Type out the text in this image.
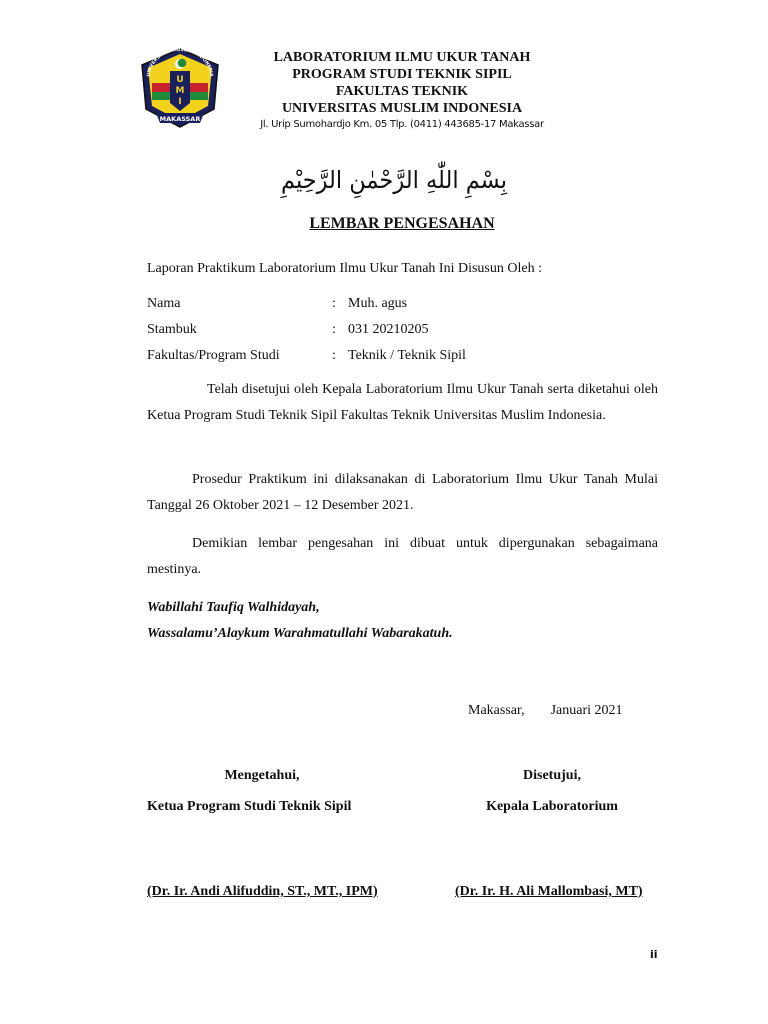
U
M
I
UNIVERSITAS MUSLIM INDONESIA
MAKASSAR
LABORATORIUM ILMU UKUR TANAH
PROGRAM STUDI TEKNIK SIPIL
FAKULTAS TEKNIK
UNIVERSITAS MUSLIM INDONESIA
Jl. Urip Sumohardjo Km. 05 Tlp. (0411) 443685-17 Makassar
بِسْمِ اللّٰهِ الرَّحْمٰنِ الرَّحِيْمِ
LEMBAR PENGESAHAN
Laporan Praktikum Laboratorium Ilmu Ukur Tanah Ini Disusun Oleh :
Nama	: Muh. agus
Stambuk	: 031 20210205
Fakultas/Program Studi	: Teknik / Teknik Sipil
Telah disetujui oleh Kepala Laboratorium Ilmu Ukur Tanah serta diketahui oleh Ketua Program Studi Teknik Sipil Fakultas Teknik Universitas Muslim Indonesia.
Prosedur Praktikum ini dilaksanakan di Laboratorium Ilmu Ukur Tanah Mulai Tanggal 26 Oktober 2021 – 12 Desember 2021.
Demikian lembar pengesahan ini dibuat untuk dipergunakan sebagaimana mestinya.
Wabillahi Taufiq Walhidayah,
Wassalamu’Alaykum Warahmatullahi Wabarakatuh.
Makassar, Januari 2021
Mengetahui,
Ketua Program Studi Teknik Sipil
Disetujui,
Kepala Laboratorium
(Dr. Ir. Andi Alifuddin, ST., MT., IPM)	(Dr. Ir. H. Ali Mallombasi, MT)
ii
